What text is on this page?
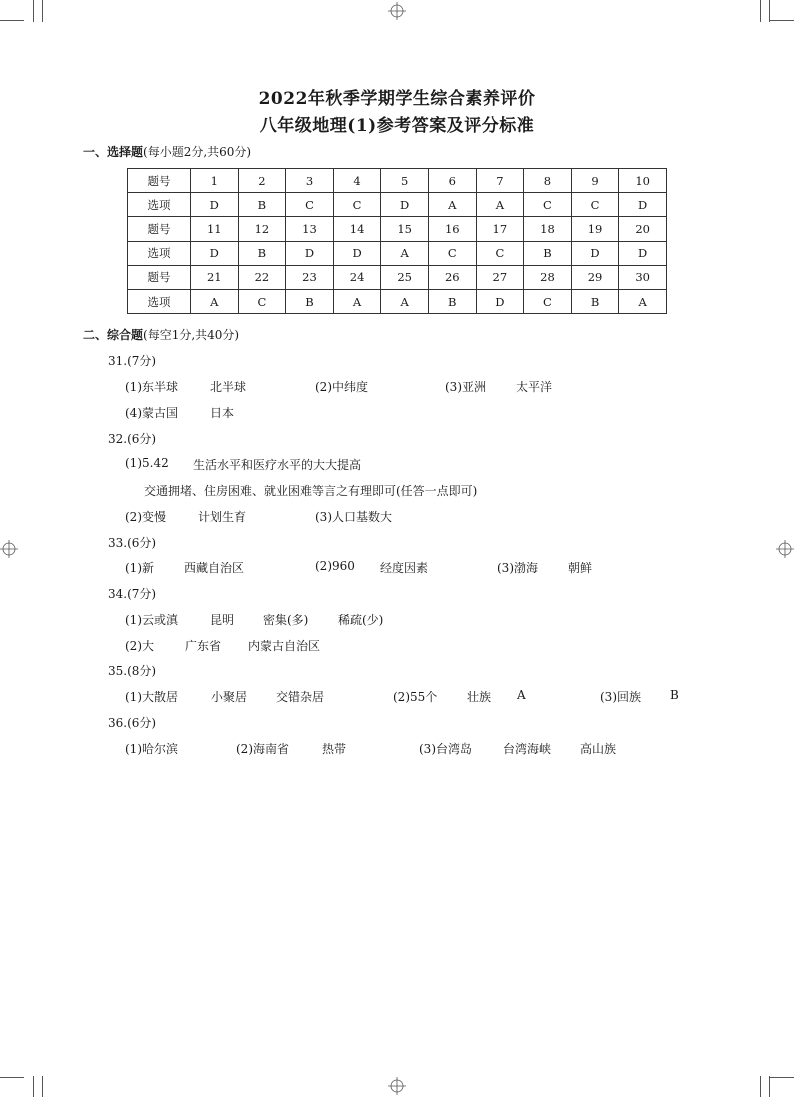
2022年秋季学期学生综合素养评价
八年级地理(1)参考答案及评分标准
一、选择题(每小题2分,共60分)
题号	1	2	3	4	5	6	7	8	9	10
选项	D	B	C	C	D	A	A	C	C	D
题号	11	12	13	14	15	16	17	18	19	20
选项	D	B	D	D	A	C	C	B	D	D
题号	21	22	23	24	25	26	27	28	29	30
选项	A	C	B	A	A	B	D	C	B	A
二、综合题(每空1分,共40分)
31.(7分)
(1)东半球	北半球	(2)中纬度	(3)亚洲	太平洋
(4)蒙古国	日本
32.(6分)
(1)5.42 生活水平和医疗水平的大大提高
交通拥堵、住房困难、就业困难等言之有理即可(任答一点即可)
(2)变慢	计划生育	(3)人口基数大
33.(6分)
(1)新	西藏自治区	(2)960 经度因素	(3)渤海	朝鲜
34.(7分)
(1)云或滇	昆明 密集(多) 稀疏(少)
(2)大	广东省 内蒙古自治区
35.(8分)
(1)大散居	小聚居 交错杂居	(2)55个 壮族 A	(3)回族 B
36.(6分)
(1)哈尔滨	(2)海南省	热带	(3)台湾岛	台湾海峡 高山族
